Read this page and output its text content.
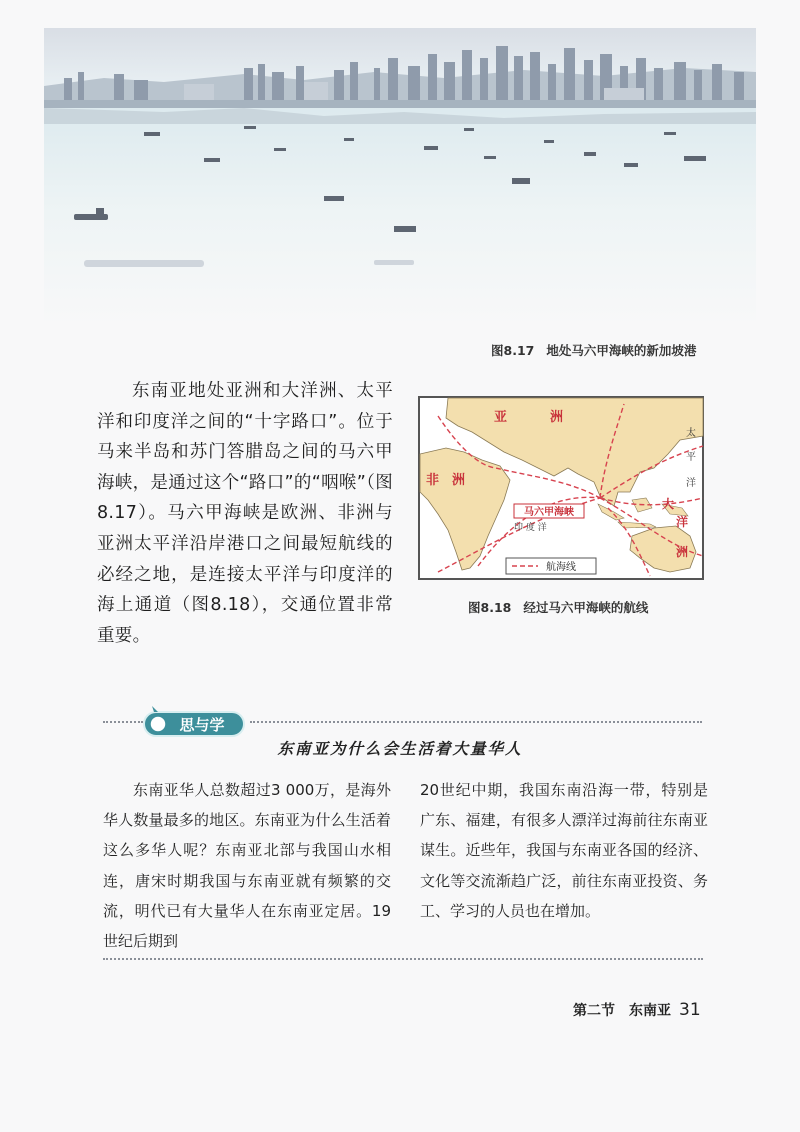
图8.17 地处马六甲海峡的新加坡港

东南亚地处亚洲和大洋洲、太平洋和印度洋之间的“十字路口”。位于马来半岛和苏门答腊岛之间的马六甲海峡，是通过这个“路口”的“咽喉”（图8.17）。马六甲海峡是欧洲、非洲与亚洲太平洋沿岸港口之间最短航线的必经之地，是连接太平洋与印度洋的海上通道（图8.18），交通位置非常重要。

亚	洲
非 洲
太
平
洋
大
洋
洲
马六甲海峡
印 度 洋
航海线
图8.18 经过马六甲海峡的航线
思与学
东南亚为什么会生活着大量华人

东南亚华人总数超过3 000万，是海外华人数量最多的地区。东南亚为什么生活着这么多华人呢？东南亚北部与我国山水相连，唐宋时期我国与东南亚就有频繁的交流，明代已有大量华人在东南亚定居。19世纪后期到

20世纪中期，我国东南沿海一带，特别是广东、福建，有很多人漂洋过海前往东南亚谋生。近些年，我国与东南亚各国的经济、文化等交流渐趋广泛，前往东南亚投资、务工、学习的人员也在增加。

第二节 东南亚 31
